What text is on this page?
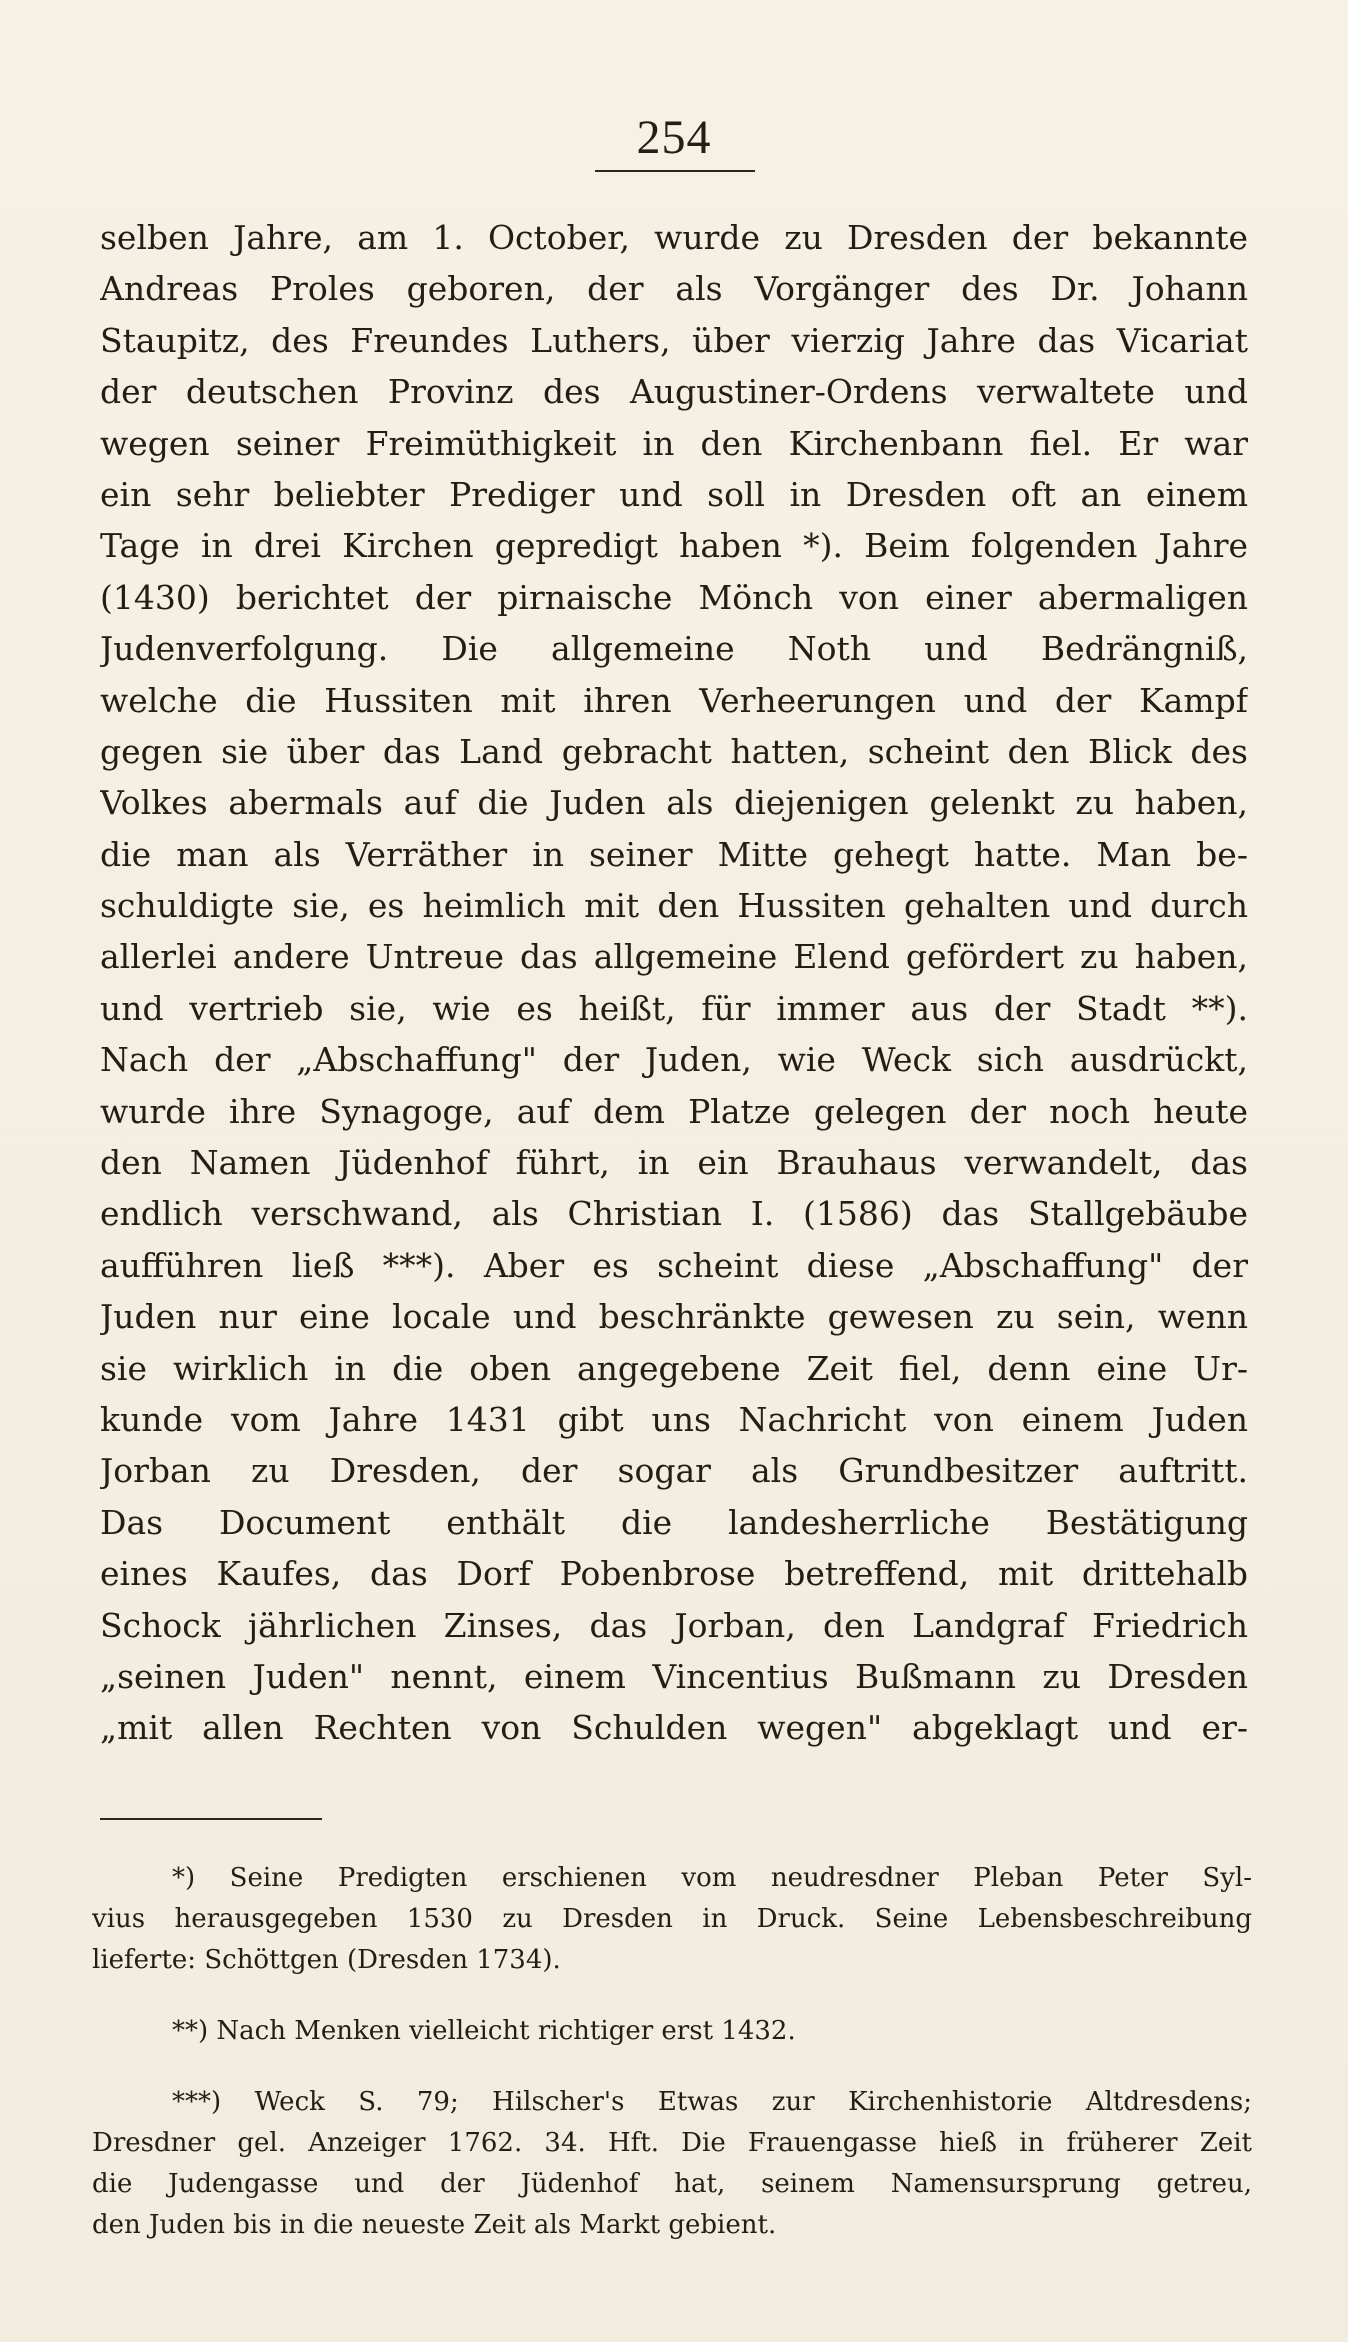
254
selben Jahre, am 1. October, wurde zu Dresden der bekannte
Andreas Proles geboren, der als Vorgänger des Dr. Johann
Staupitz, des Freundes Luthers, über vierzig Jahre das Vicariat
der deutschen Provinz des Augustiner-Ordens verwaltete und
wegen seiner Freimüthigkeit in den Kirchenbann fiel. Er war
ein sehr beliebter Prediger und soll in Dresden oft an einem
Tage in drei Kirchen gepredigt haben *). Beim folgenden Jahre
(1430) berichtet der pirnaische Mönch von einer abermaligen
Judenverfolgung. Die allgemeine Noth und Bedrängniß,
welche die Hussiten mit ihren Verheerungen und der Kampf
gegen sie über das Land gebracht hatten, scheint den Blick des
Volkes abermals auf die Juden als diejenigen gelenkt zu haben,
die man als Verräther in seiner Mitte gehegt hatte. Man be-
schuldigte sie, es heimlich mit den Hussiten gehalten und durch
allerlei andere Untreue das allgemeine Elend gefördert zu haben,
und vertrieb sie, wie es heißt, für immer aus der Stadt **).
Nach der „Abschaffung" der Juden, wie Weck sich ausdrückt,
wurde ihre Synagoge, auf dem Platze gelegen der noch heute
den Namen Jüdenhof führt, in ein Brauhaus verwandelt, das
endlich verschwand, als Christian I. (1586) das Stallgebäube
aufführen ließ ***). Aber es scheint diese „Abschaffung" der
Juden nur eine locale und beschränkte gewesen zu sein, wenn
sie wirklich in die oben angegebene Zeit fiel, denn eine Ur-
kunde vom Jahre 1431 gibt uns Nachricht von einem Juden
Jorban zu Dresden, der sogar als Grundbesitzer auftritt.
Das Document enthält die landesherrliche Bestätigung
eines Kaufes, das Dorf Pobenbrose betreffend, mit drittehalb
Schock jährlichen Zinses, das Jorban, den Landgraf Friedrich
„seinen Juden" nennt, einem Vincentius Bußmann zu Dresden
„mit allen Rechten von Schulden wegen" abgeklagt und er-
*) Seine Predigten erschienen vom neudresdner Pleban Peter Syl-
vius herausgegeben 1530 zu Dresden in Druck. Seine Lebensbeschreibung
lieferte: Schöttgen (Dresden 1734).
**) Nach Menken vielleicht richtiger erst 1432.
***) Weck S. 79; Hilscher's Etwas zur Kirchenhistorie Altdresdens;
Dresdner gel. Anzeiger 1762. 34. Hft. Die Frauengasse hieß in früherer Zeit
die Judengasse und der Jüdenhof hat, seinem Namensursprung getreu,
den Juden bis in die neueste Zeit als Markt gebient.
